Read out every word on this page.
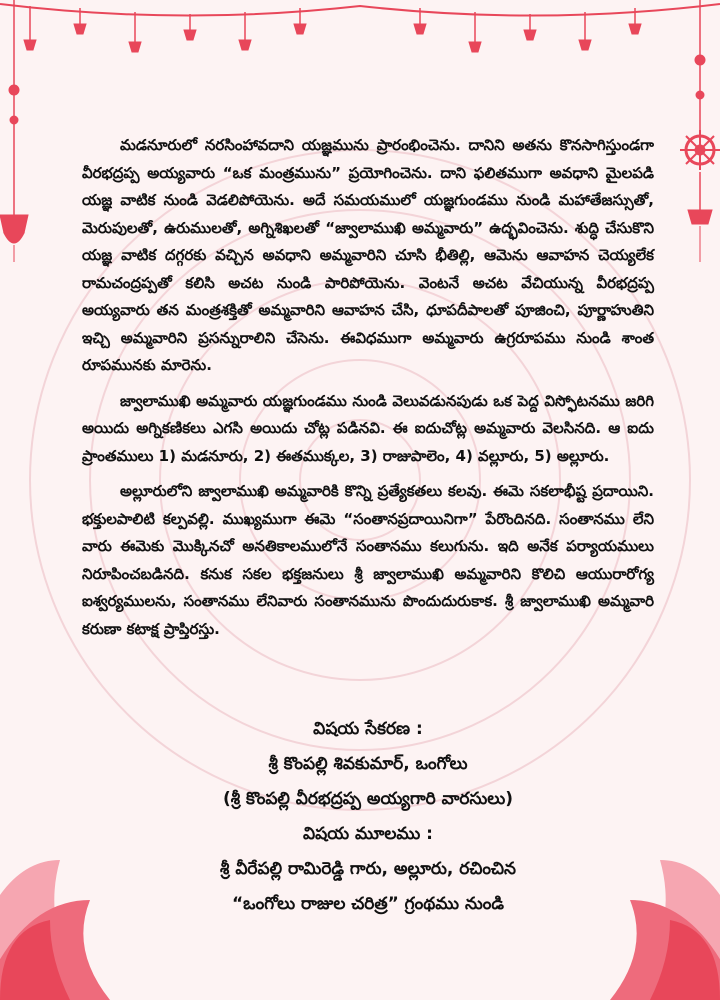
మడనూరులో నరసింహావదాని యజ్ఞమును ప్రారంభించెను. దానిని అతను కొనసాగిస్తుండగా వీరభద్రప్ప అయ్యవారు “ఒక మంత్రమును” ప్రయోగించెను. దాని ఫలితముగా అవధాని మైలపడి యజ్ఞ వాటిక నుండి వెడలిపోయెను. అదే సమయములో యజ్ఞగుండము నుండి మహాతేజస్సుతో, మెరుపులతో, ఉరుములతో, అగ్నిశిఖలతో “జ్వాలాముఖి అమ్మవారు” ఉద్భవించెను. శుద్ధి చేసుకొని యజ్ఞ వాటిక దగ్గరకు వచ్చిన అవధాని అమ్మవారిని చూసి భీతిల్లి, ఆమెను ఆవాహన చెయ్యలేక రామచంద్రప్పతో కలిసి అచట నుండి పారిపోయెను. వెంటనే అచట వేచియున్న వీరభద్రప్ప అయ్యవారు తన మంత్రశక్తితో అమ్మవారిని ఆవాహన చేసి, ధూపదీపాలతో పూజించి, పూర్ణాహుతిని ఇచ్చి అమ్మవారిని ప్రసన్నురాలిని చేసెను. ఈవిధముగా అమ్మవారు ఉగ్రరూపము నుండి శాంత రూపమునకు మారెను.

జ్వాలాముఖి అమ్మవారు యజ్ఞగుండము నుండి వెలువడునపుడు ఒక పెద్ద విస్ఫోటనము జరిగి అయిదు అగ్నికణికలు ఎగసి అయిదు చోట్ల పడినవి. ఈ ఐదుచోట్ల అమ్మవారు వెలసినది. ఆ ఐదు ప్రాంతములు 1) మడనూరు, 2) ఈతముక్కల, 3) రాజుపాలెం, 4) వల్లూరు, 5) అల్లూరు.

అల్లూరులోని జ్వాలాముఖి అమ్మవారికి కొన్ని ప్రత్యేకతలు కలవు. ఈమె సకలాభీష్ట ప్రదాయిని. భక్తులపాలిటి కల్పవల్లి. ముఖ్యముగా ఈమె “సంతానప్రదాయినిగా” పేరొందినది. సంతానము లేని వారు ఈమెకు మొక్కినచో అనతికాలములోనే సంతానము కలుగును. ఇది అనేక పర్యాయములు నిరూపించబడినది. కనుక సకల భక్తజనులు శ్రీ జ్వాలాముఖి అమ్మవారిని కొలిచి ఆయురారోగ్య ఐశ్వర్యములను, సంతానము లేనివారు సంతానమును పొందుదురుకాక. శ్రీ జ్వాలాముఖి అమ్మవారి కరుణా కటాక్ష ప్రాప్తిరస్తు.

విషయ సేకరణ :

శ్రీ కొంపల్లి శివకుమార్, ఒంగోలు

(శ్రీ కొంపల్లి వీరభద్రప్ప అయ్యగారి వారసులు)

విషయ మూలము :

శ్రీ వీరేపల్లి రామిరెడ్డి గారు, అల్లూరు, రచించిన

“ఒంగోలు రాజుల చరిత్ర” గ్రంథము నుండి
